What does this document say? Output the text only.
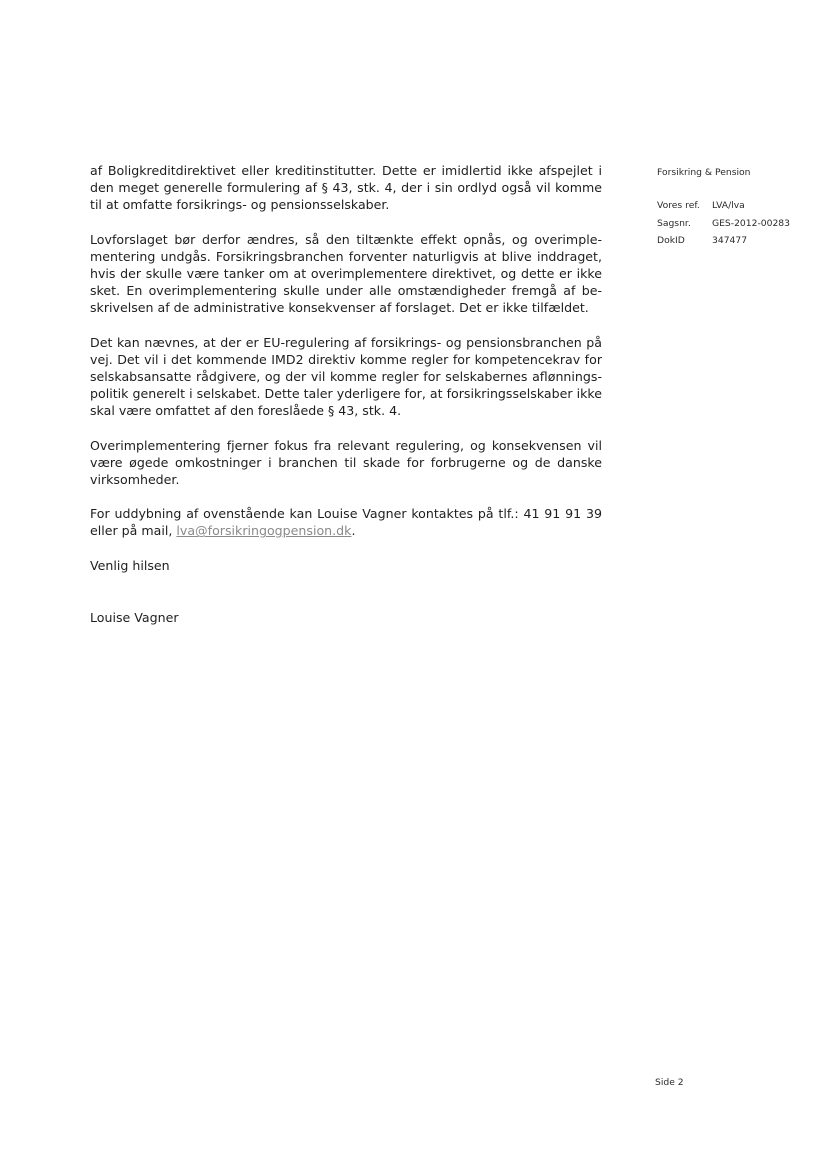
af Boligkreditdirektivet eller kreditinstitutter. Dette er imidlertid ikke afspejlet i den meget generelle formulering af § 43, stk. 4, der i sin ordlyd også vil komme til at omfatte forsikrings- og pensionsselskaber.

Lovforslaget bør derfor ændres, så den tiltænkte effekt opnås, og overimple-mentering undgås. Forsikringsbranchen forventer naturligvis at blive inddraget, hvis der skulle være tanker om at overimplementere direktivet, og dette er ikke sket. En overimplementering skulle under alle omstændigheder fremgå af be-skrivelsen af de administrative konsekvenser af forslaget. Det er ikke tilfældet.

Det kan nævnes, at der er EU-regulering af forsikrings- og pensionsbranchen på vej. Det vil i det kommende IMD2 direktiv komme regler for kompetencekrav for selskabsansatte rådgivere, og der vil komme regler for selskabernes aflønnings-politik generelt i selskabet. Dette taler yderligere for, at forsikringsselskaber ikke skal være omfattet af den foreslåede § 43, stk. 4.

Overimplementering fjerner fokus fra relevant regulering, og konsekvensen vil være øgede omkostninger i branchen til skade for forbrugerne og de danske virksomheder.

For uddybning af ovenstående kan Louise Vagner kontaktes på tlf.: 41 91 91 39 eller på mail, lva@forsikringogpension.dk.

Venlig hilsen

Louise Vagner

Forsikring & Pension
Vores ref.	LVA/lva
Sagsnr.	GES-2012-00283
DokID	347477
Side 2
